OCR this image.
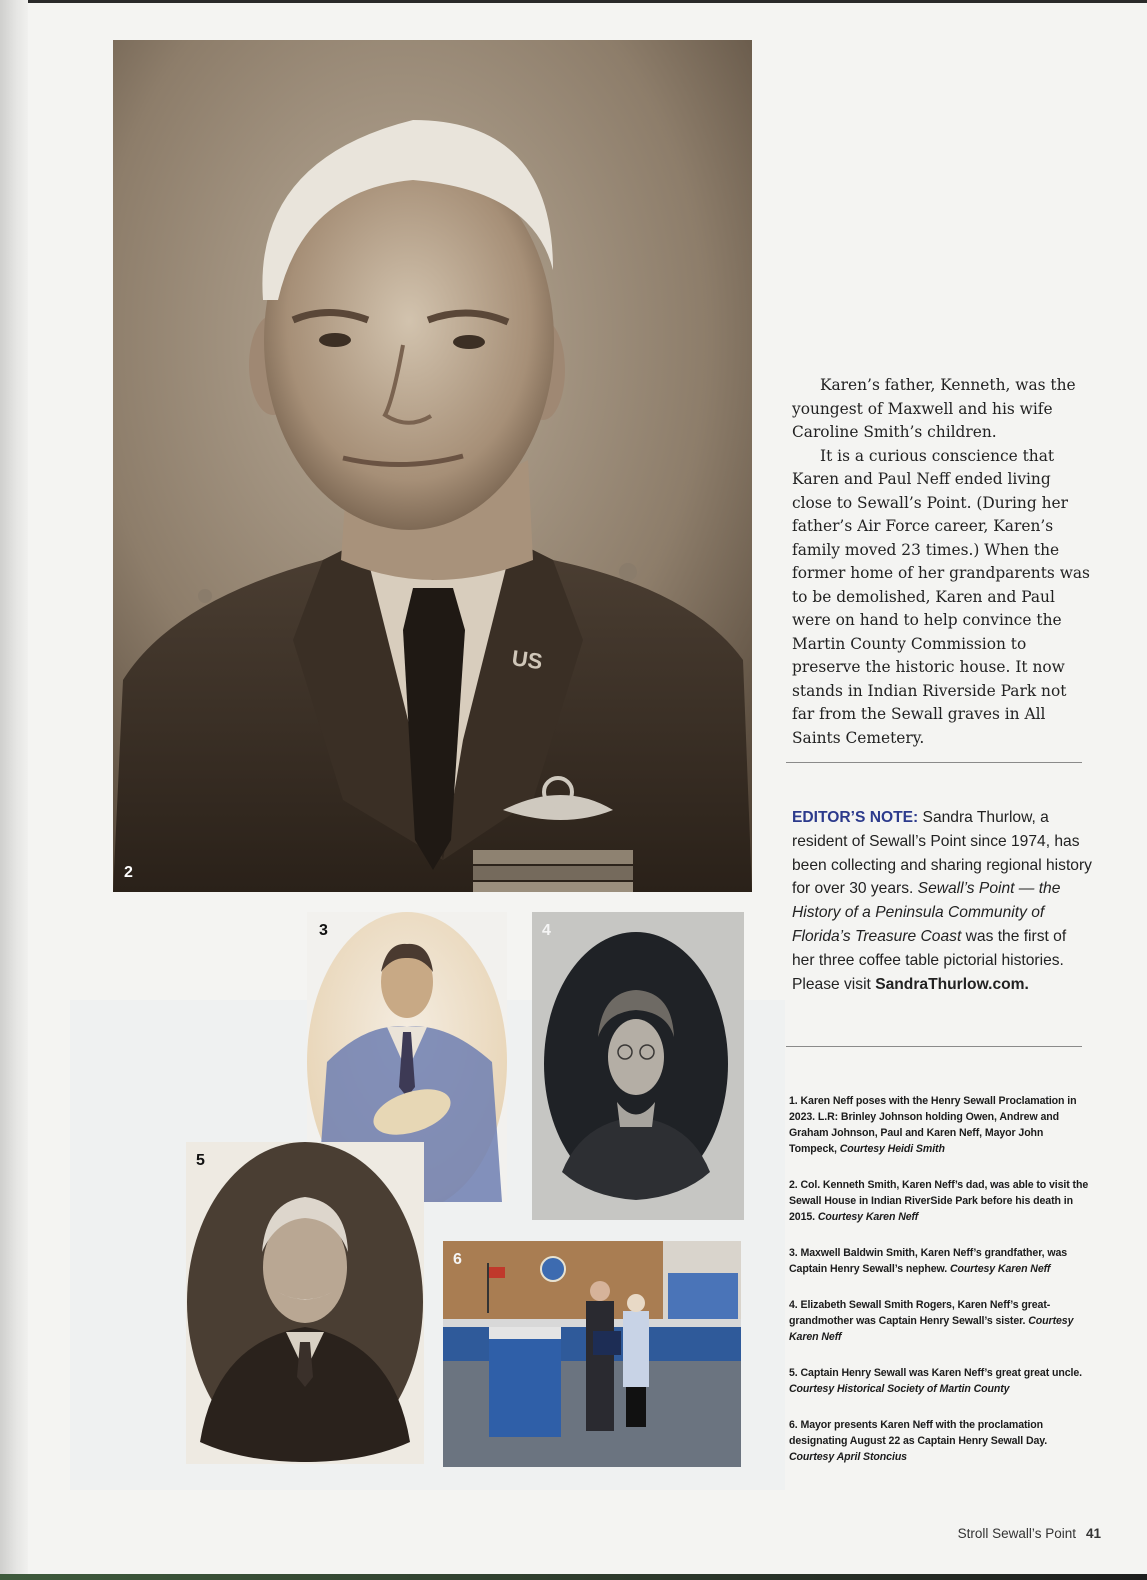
US
2
3	4
5
6

Karen’s father, Kenneth, was the youngest of Maxwell and his wife Caroline Smith’s children.

It is a curious conscience that Karen and Paul Neff ended living close to Sewall’s Point. (During her father’s Air Force career, Karen’s family moved 23 times.) When the former home of her grandparents was to be demolished, Karen and Paul were on hand to help convince the Martin County Commission to preserve the historic house. It now stands in Indian Riverside Park not far from the Sewall graves in All Saints Cemetery.

EDITOR’S NOTE: Sandra Thurlow, a resident of Sewall’s Point since 1974, has been collecting and sharing regional history for over 30 years. Sewall’s Point — the History of a Peninsula Community of Florida’s Treasure Coast was the first of her three coffee table pictorial histories. Please visit SandraThurlow.com.

1. Karen Neff poses with the Henry Sewall Proclamation in 2023. L.R: Brinley Johnson holding Owen, Andrew and Graham Johnson, Paul and Karen Neff, Mayor John Tompeck, Courtesy Heidi Smith

2. Col. Kenneth Smith, Karen Neff’s dad, was able to visit the Sewall House in Indian RiverSide Park before his death in 2015. Courtesy Karen Neff

3. Maxwell Baldwin Smith, Karen Neff’s grandfather, was Captain Henry Sewall’s nephew. Courtesy Karen Neff

4. Elizabeth Sewall Smith Rogers, Karen Neff’s great-grandmother was Captain Henry Sewall’s sister. Courtesy Karen Neff

5. Captain Henry Sewall was Karen Neff’s great great uncle. Courtesy Historical Society of Martin County

6. Mayor presents Karen Neff with the proclamation designating August 22 as Captain Henry Sewall Day. Courtesy April Stoncius

Stroll Sewall’s Point 41
